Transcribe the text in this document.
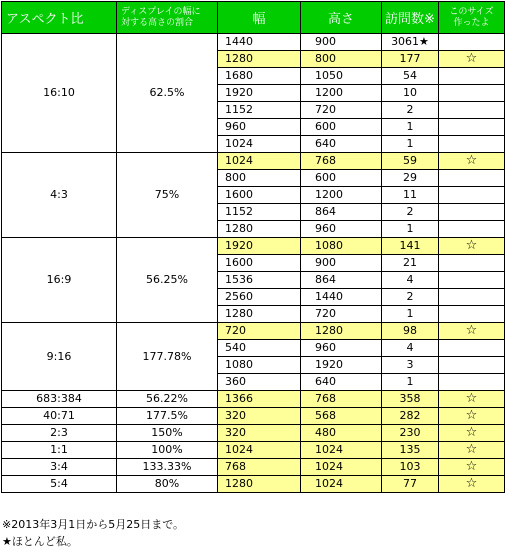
アスペクト比	ディスプレイの幅に
対する高さの割合	幅	高さ	訪問数※	このサイズ
作ったよ
16:10	62.5%	1440	900	3061★	
		1280	800	177	☆
		1680	1050	54	
		1920	1200	10	
		1152	720	2	
		960	600	1	
		1024	640	1	
4:3	75%	1024	768	59	☆
		800	600	29	
		1600	1200	11	
		1152	864	2	
		1280	960	1	
16:9	56.25%	1920	1080	141	☆
		1600	900	21	
		1536	864	4	
		2560	1440	2	
		1280	720	1	
9:16	177.78%	720	1280	98	☆
		540	960	4	
		1080	1920	3	
		360	640	1	
683:384	56.22%	1366	768	358	☆
40:71	177.5%	320	568	282	☆
2:3	150%	320	480	230	☆
1:1	100%	1024	1024	135	☆
3:4	133.33%	768	1024	103	☆
5:4	80%	1280	1024	77	☆
※2013年3月1日から5月25日まで。
★ほとんど私。
